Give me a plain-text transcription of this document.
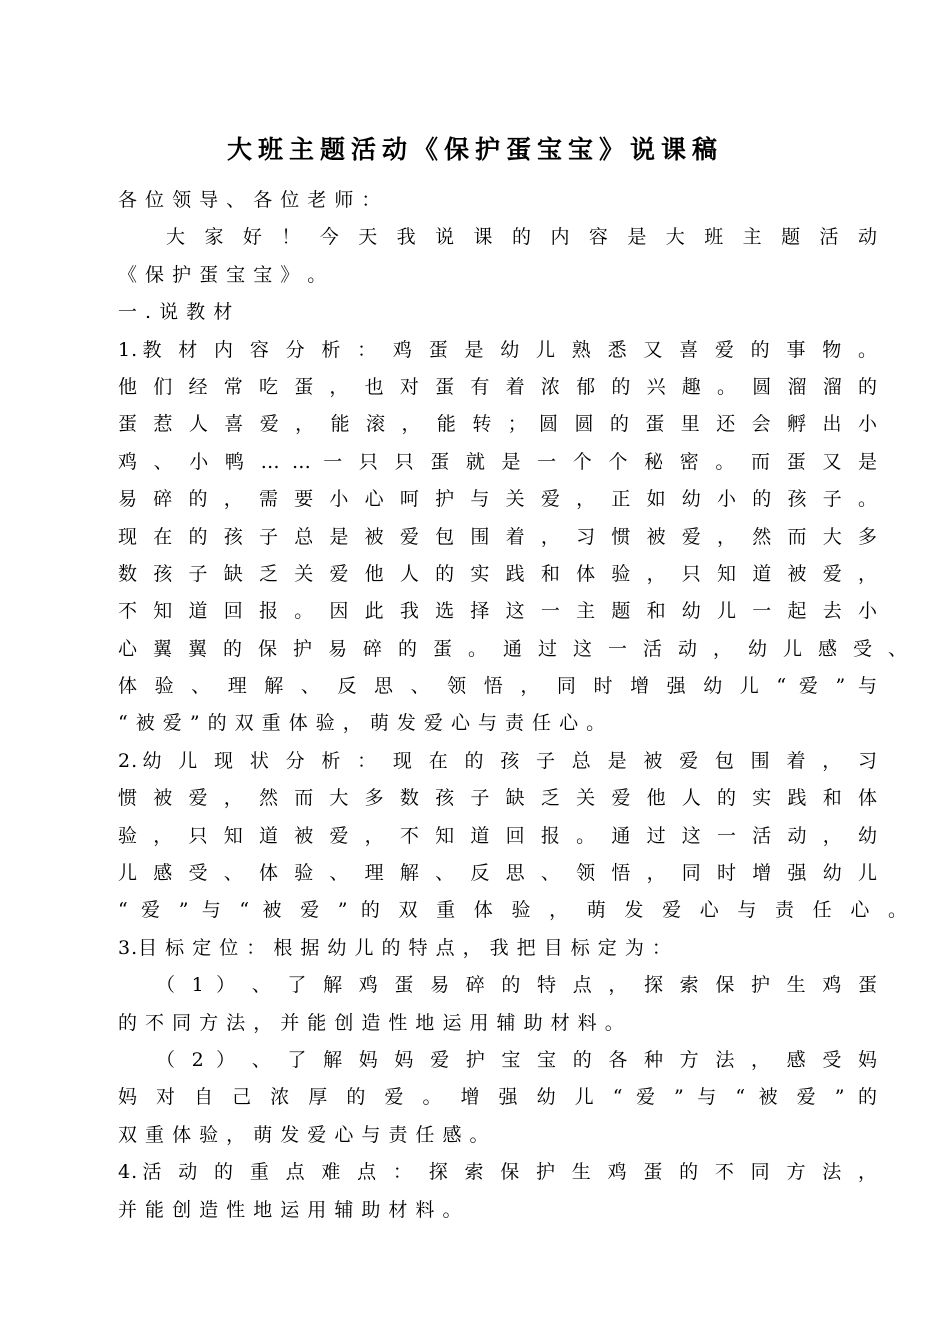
大班主题活动《保护蛋宝宝》说课稿
各 位 领 导 、 各 位 老 师 ：
大 家 好 ！ 今 天 我 说 课 的 内 容 是 大 班 主 题 活 动
《 保 护 蛋 宝 宝 》 。
一 . 说 教 材
1.教 材 内 容 分 析 ： 鸡 蛋 是 幼 儿 熟 悉 又 喜 爱 的 事 物 。
他 们 经 常 吃 蛋 ， 也 对 蛋 有 着 浓 郁 的 兴 趣 。 圆 溜 溜 的
蛋 惹 人 喜 爱 ， 能 滚 ， 能 转 ； 圆 圆 的 蛋 里 还 会 孵 出 小
鸡 、 小 鸭 … … 一 只 只 蛋 就 是 一 个 个 秘 密 。 而 蛋 又 是
易 碎 的 ， 需 要 小 心 呵 护 与 关 爱 ， 正 如 幼 小 的 孩 子 。
现 在 的 孩 子 总 是 被 爱 包 围 着 ， 习 惯 被 爱 ， 然 而 大 多
数 孩 子 缺 乏 关 爱 他 人 的 实 践 和 体 验 ， 只 知 道 被 爱 ，
不 知 道 回 报 。 因 此 我 选 择 这 一 主 题 和 幼 儿 一 起 去 小
心 翼 翼 的 保 护 易 碎 的 蛋 。 通 过 这 一 活 动 ， 幼 儿 感 受 、
体 验 、 理 解 、 反 思 、 领 悟 ， 同 时 增 强 幼 儿 “ 爱 ” 与
“ 被 爱 ” 的 双 重 体 验 ， 萌 发 爱 心 与 责 任 心 。
2.幼 儿 现 状 分 析 ： 现 在 的 孩 子 总 是 被 爱 包 围 着 ， 习
惯 被 爱 ， 然 而 大 多 数 孩 子 缺 乏 关 爱 他 人 的 实 践 和 体
验 ， 只 知 道 被 爱 ， 不 知 道 回 报 。 通 过 这 一 活 动 ， 幼
儿 感 受 、 体 验 、 理 解 、 反 思 、 领 悟 ， 同 时 增 强 幼 儿
“ 爱 ” 与 “ 被 爱 ” 的 双 重 体 验 ， 萌 发 爱 心 与 责 任 心 。
3.目 标 定 位 ： 根 据 幼 儿 的 特 点 ， 我 把 目 标 定 为 ：
（ 1 ） 、 了 解 鸡 蛋 易 碎 的 特 点 ， 探 索 保 护 生 鸡 蛋
的 不 同 方 法 ， 并 能 创 造 性 地 运 用 辅 助 材 料 。
（ 2 ） 、 了 解 妈 妈 爱 护 宝 宝 的 各 种 方 法 ， 感 受 妈
妈 对 自 己 浓 厚 的 爱 。 增 强 幼 儿 “ 爱 ” 与 “ 被 爱 ” 的
双 重 体 验 ， 萌 发 爱 心 与 责 任 感 。
4.活 动 的 重 点 难 点 ： 探 索 保 护 生 鸡 蛋 的 不 同 方 法 ，
并 能 创 造 性 地 运 用 辅 助 材 料 。
